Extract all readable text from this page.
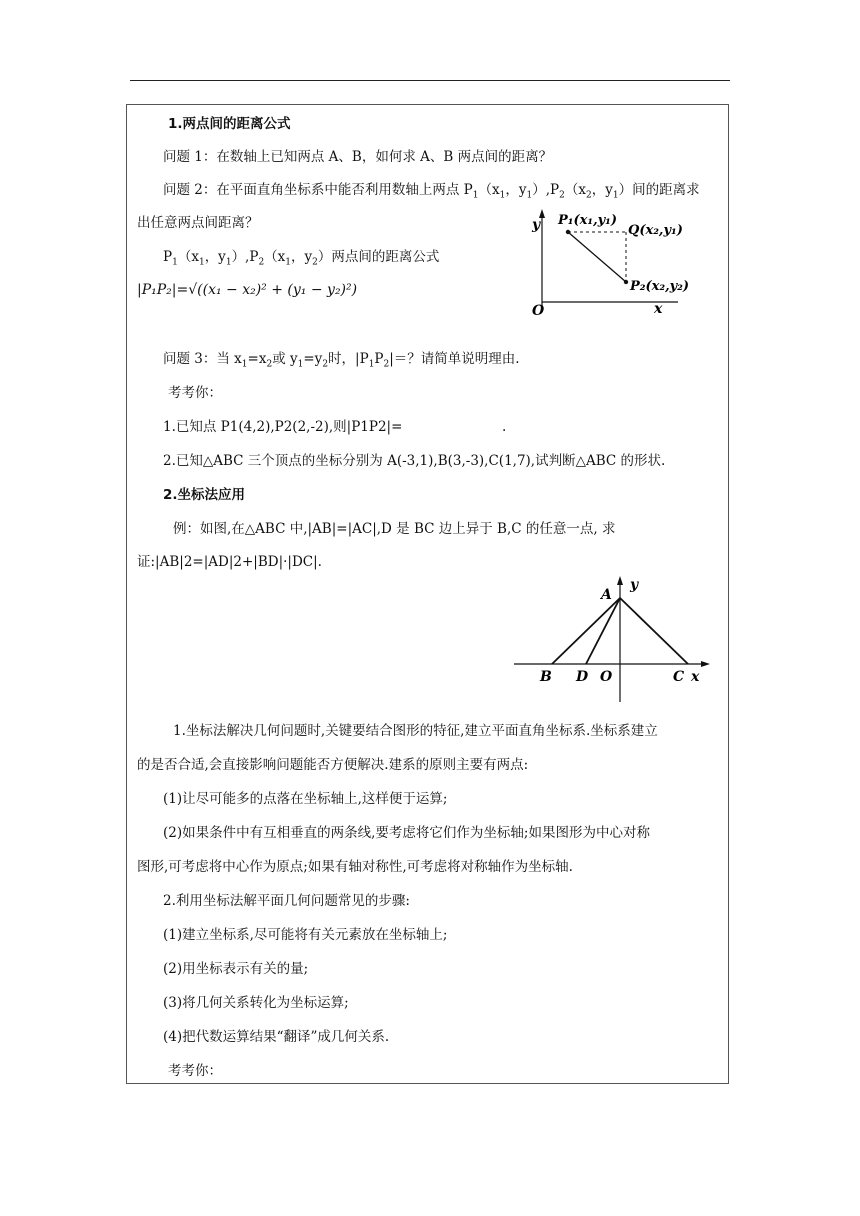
1.两点间的距离公式
问题 1：在数轴上已知两点 A、B，如何求 A、B 两点间的距离？
问题 2：在平面直角坐标系中能否利用数轴上两点 $P_1(x_1$，$y_1),P_2(x_2$，$y_1$）间的距离求
出任意两点间距离？
$P_1(x_1$，$y_1),P_2(x_1$，$y_2$）两点间的距离公式
|P₁P₂|=√((x₁ − x₂)² + (y₁ − y₂)²)
y
x
O
P₁(x₁,y₁)
Q(x₂,y₁)
P₂(x₂,y₂)
问题 3：当 $x_1=x_2$或 $y_1=y_2$时，$|P_1P_2|=$？请简单说明理由.
考考你：
1.已知点 P1(4,2),P2(2,-2),则|P1P2|=	.
2.已知△ABC 三个顶点的坐标分别为 A(-3,1),B(3,-3),C(1,7),试判断△ABC 的形状.
2.坐标法应用
例：如图,在△ABC 中,|AB|=|AC|,D 是 BC 边上异于 B,C 的任意一点, 求
证:|AB|2=|AD|2+|BD|·|DC|.
y
A
B D O	C x
1.坐标法解决几何问题时,关键要结合图形的特征,建立平面直角坐标系.坐标系建立
的是否合适,会直接影响问题能否方便解决.建系的原则主要有两点:
(1)让尽可能多的点落在坐标轴上,这样便于运算;
(2)如果条件中有互相垂直的两条线,要考虑将它们作为坐标轴;如果图形为中心对称
图形,可考虑将中心作为原点;如果有轴对称性,可考虑将对称轴作为坐标轴.
2.利用坐标法解平面几何问题常见的步骤:
(1)建立坐标系,尽可能将有关元素放在坐标轴上;
(2)用坐标表示有关的量;
(3)将几何关系转化为坐标运算;
(4)把代数运算结果“翻译”成几何关系.
考考你：
